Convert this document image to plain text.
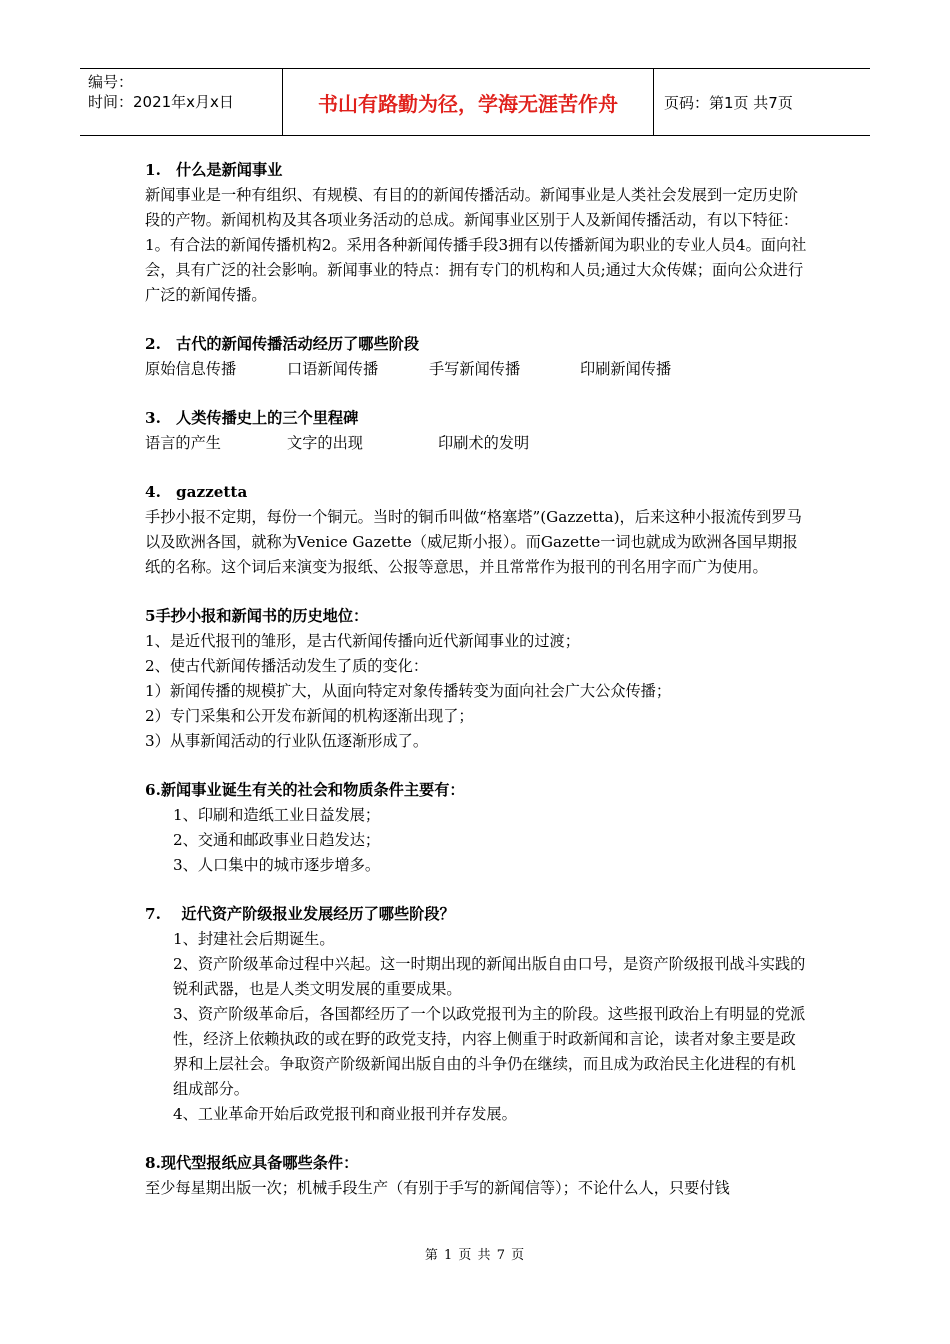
编号：
时间：2021年x月x日	书山有路勤为径，学海无涯苦作舟	页码：第1页 共7页

1.　什么是新闻事业

新闻事业是一种有组织、有规模、有目的的新闻传播活动。新闻事业是人类社会发展到一定历史阶段的产物。新闻机构及其各项业务活动的总成。新闻事业区别于人及新闻传播活动，有以下特征：1。有合法的新闻传播机构2。采用各种新闻传播手段3拥有以传播新闻为职业的专业人员4。面向社会，具有广泛的社会影响。新闻事业的特点：拥有专门的机构和人员;通过大众传媒；面向公众进行广泛的新闻传播。

2.　古代的新闻传播活动经历了哪些阶段

原始信息传播	口语新闻传播	手写新闻传播	印刷新闻传播

3.　人类传播史上的三个里程碑

语言的产生	文字的出现	印刷术的发明

4.　gazzetta

手抄小报不定期，每份一个铜元。当时的铜币叫做“格塞塔”(Gazzetta)，后来这种小报流传到罗马以及欧洲各国，就称为Venice Gazette（威尼斯小报）。而Gazette一词也就成为欧洲各国早期报纸的名称。这个词后来演变为报纸、公报等意思，并且常常作为报刊的刊名用字而广为使用。

5手抄小报和新闻书的历史地位：

1、是近代报刊的雏形，是古代新闻传播向近代新闻事业的过渡；

2、使古代新闻传播活动发生了质的变化：

1）新闻传播的规模扩大，从面向特定对象传播转变为面向社会广大公众传播；

2）专门采集和公开发布新闻的机构逐渐出现了；

3）从事新闻活动的行业队伍逐渐形成了。

6.新闻事业诞生有关的社会和物质条件主要有：

1、印刷和造纸工业日益发展；

2、交通和邮政事业日趋发达；

3、人口集中的城市逐步增多。

7.　 近代资产阶级报业发展经历了哪些阶段？

1、封建社会后期诞生。

2、资产阶级革命过程中兴起。这一时期出现的新闻出版自由口号，是资产阶级报刊战斗实践的锐利武器，也是人类文明发展的重要成果。

3、资产阶级革命后，各国都经历了一个以政党报刊为主的阶段。这些报刊政治上有明显的党派性，经济上依赖执政的或在野的政党支持，内容上侧重于时政新闻和言论，读者对象主要是政界和上层社会。争取资产阶级新闻出版自由的斗争仍在继续，而且成为政治民主化进程的有机组成部分。

4、工业革命开始后政党报刊和商业报刊并存发展。

8.现代型报纸应具备哪些条件：

至少每星期出版一次；机械手段生产（有别于手写的新闻信等）；不论什么人，只要付钱

第 1 页 共 7 页
